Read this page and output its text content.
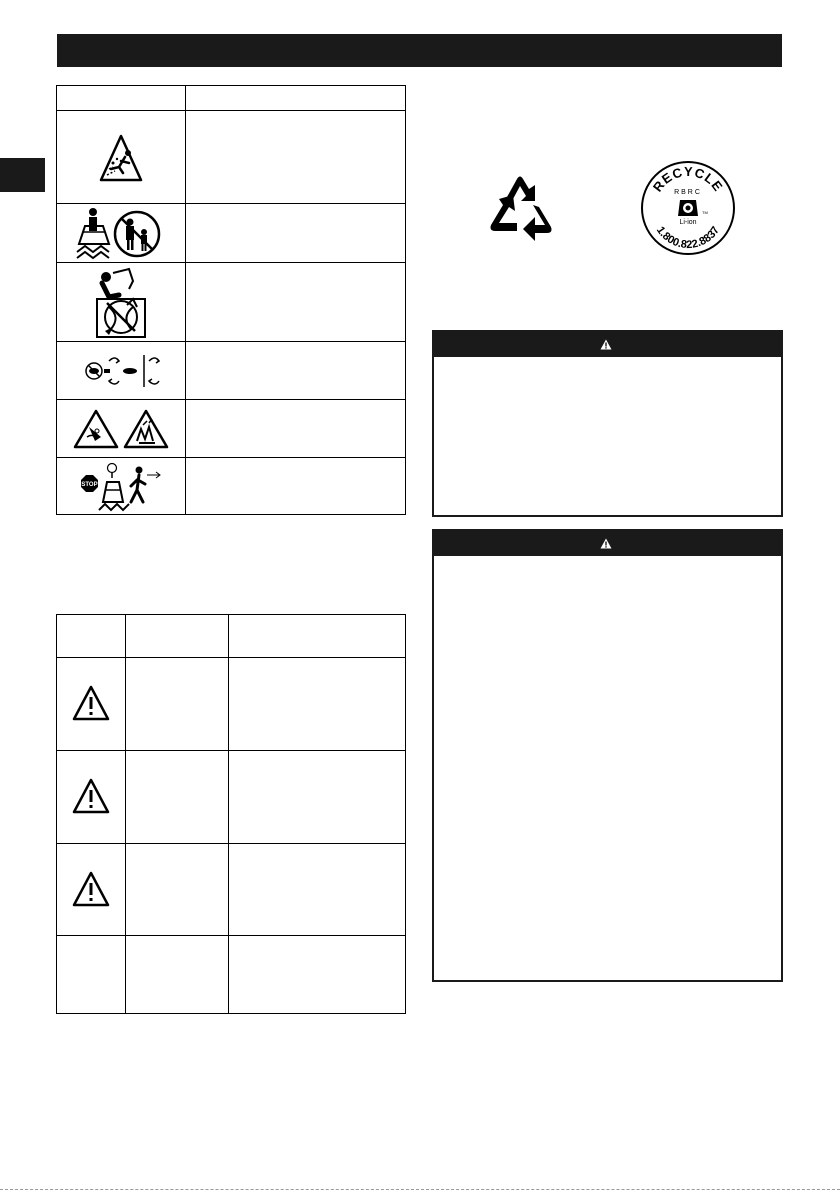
STOP	

RECYCLE
RBRC
TM
Li-ion
1.800.822.8837
